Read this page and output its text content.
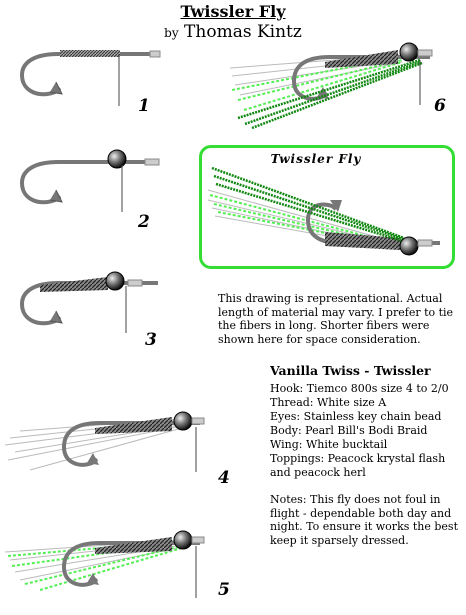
Twissler Fly
by Thomas Kintz
Twissler Fly
1
2
3
4
5
6
This drawing is representational. Actual length of material may vary. I prefer to tie the fibers in long. Shorter fibers were shown here for space consideration.
Vanilla Twiss - Twissler
Hook: Tiemco 800s size 4 to 2/0
Thread: White size A
Eyes: Stainless key chain bead
Body: Pearl Bill's Bodi Braid
Wing: White bucktail
Toppings: Peacock krystal flash
and peacock herl
Notes: This fly does not foul in flight - dependable both day and night. To ensure it works the best keep it sparsely dressed.
